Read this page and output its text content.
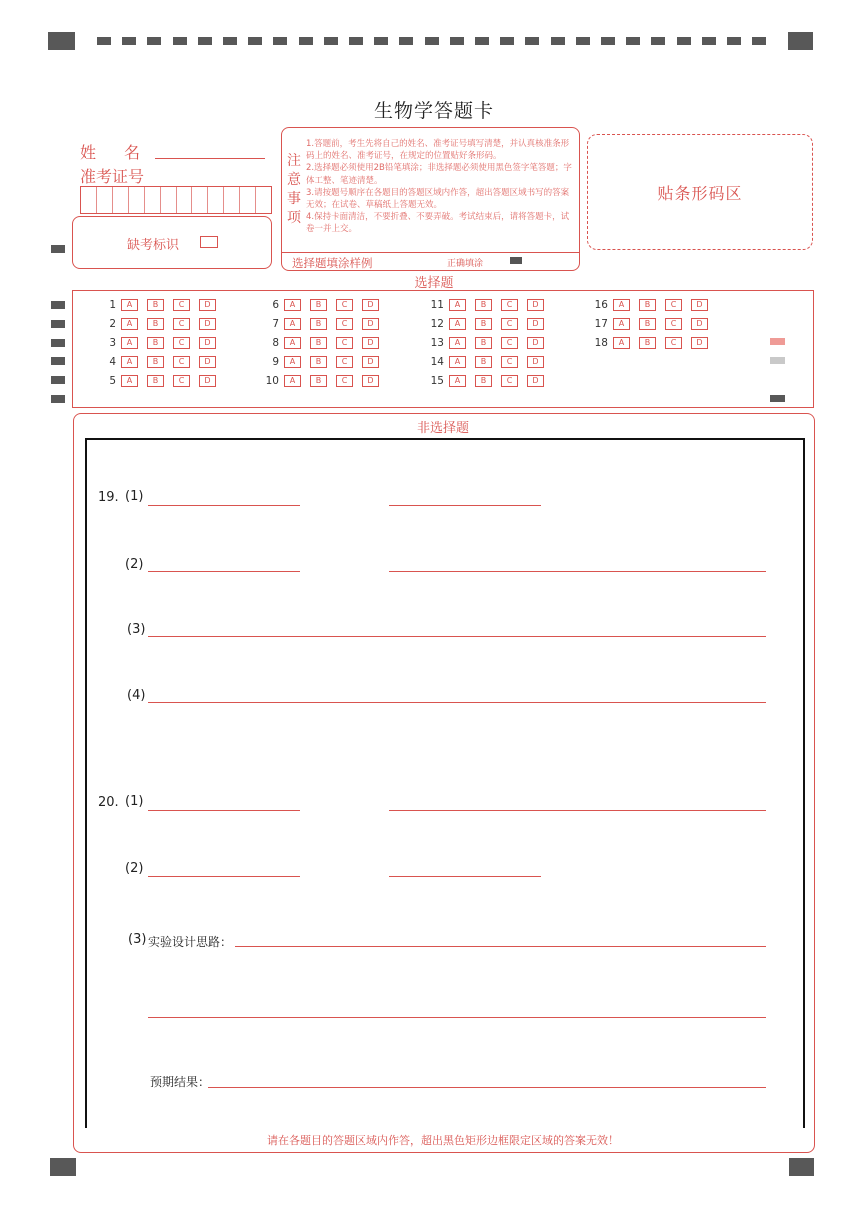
生物学答题卡
姓　名
准考证号
缺考标识
注
意
事
项

1.答题前，考生先将自己的姓名、准考证号填写清楚，并认真核准条形码上的姓名、准考证号，在规定的位置贴好条形码。

2.选择题必须使用2B铅笔填涂；非选择题必须使用黑色签字笔答题；字体工整、笔迹清楚。

3.请按题号顺序在各题目的答题区域内作答，超出答题区域书写的答案无效；在试卷、草稿纸上答题无效。

4.保持卡面清洁，不要折叠、不要弄破。考试结束后，请将答题卡，试卷一并上交。

选择题填涂样例	正确填涂
贴条形码区
选择题
1	A	B	C	D
2	A	B	C	D
3	A	B	C	D
4	A	B	C	D
5	A	B	C	D
6	A	B	C	D
7	A	B	C	D
8	A	B	C	D
9	A	B	C	D
10	A	B	C	D
11	A	B	C	D
12	A	B	C	D
13	A	B	C	D
14	A	B	C	D
15	A	B	C	D
16	A	B	C	D
17	A	B	C	D
18	A	B	C	D
非选择题
19. (1)
(2)
(3)
(4)
20. (1)
(2)
(3) 实验设计思路：
预期结果：
请在各题目的答题区域内作答，超出黑色矩形边框限定区域的答案无效！
